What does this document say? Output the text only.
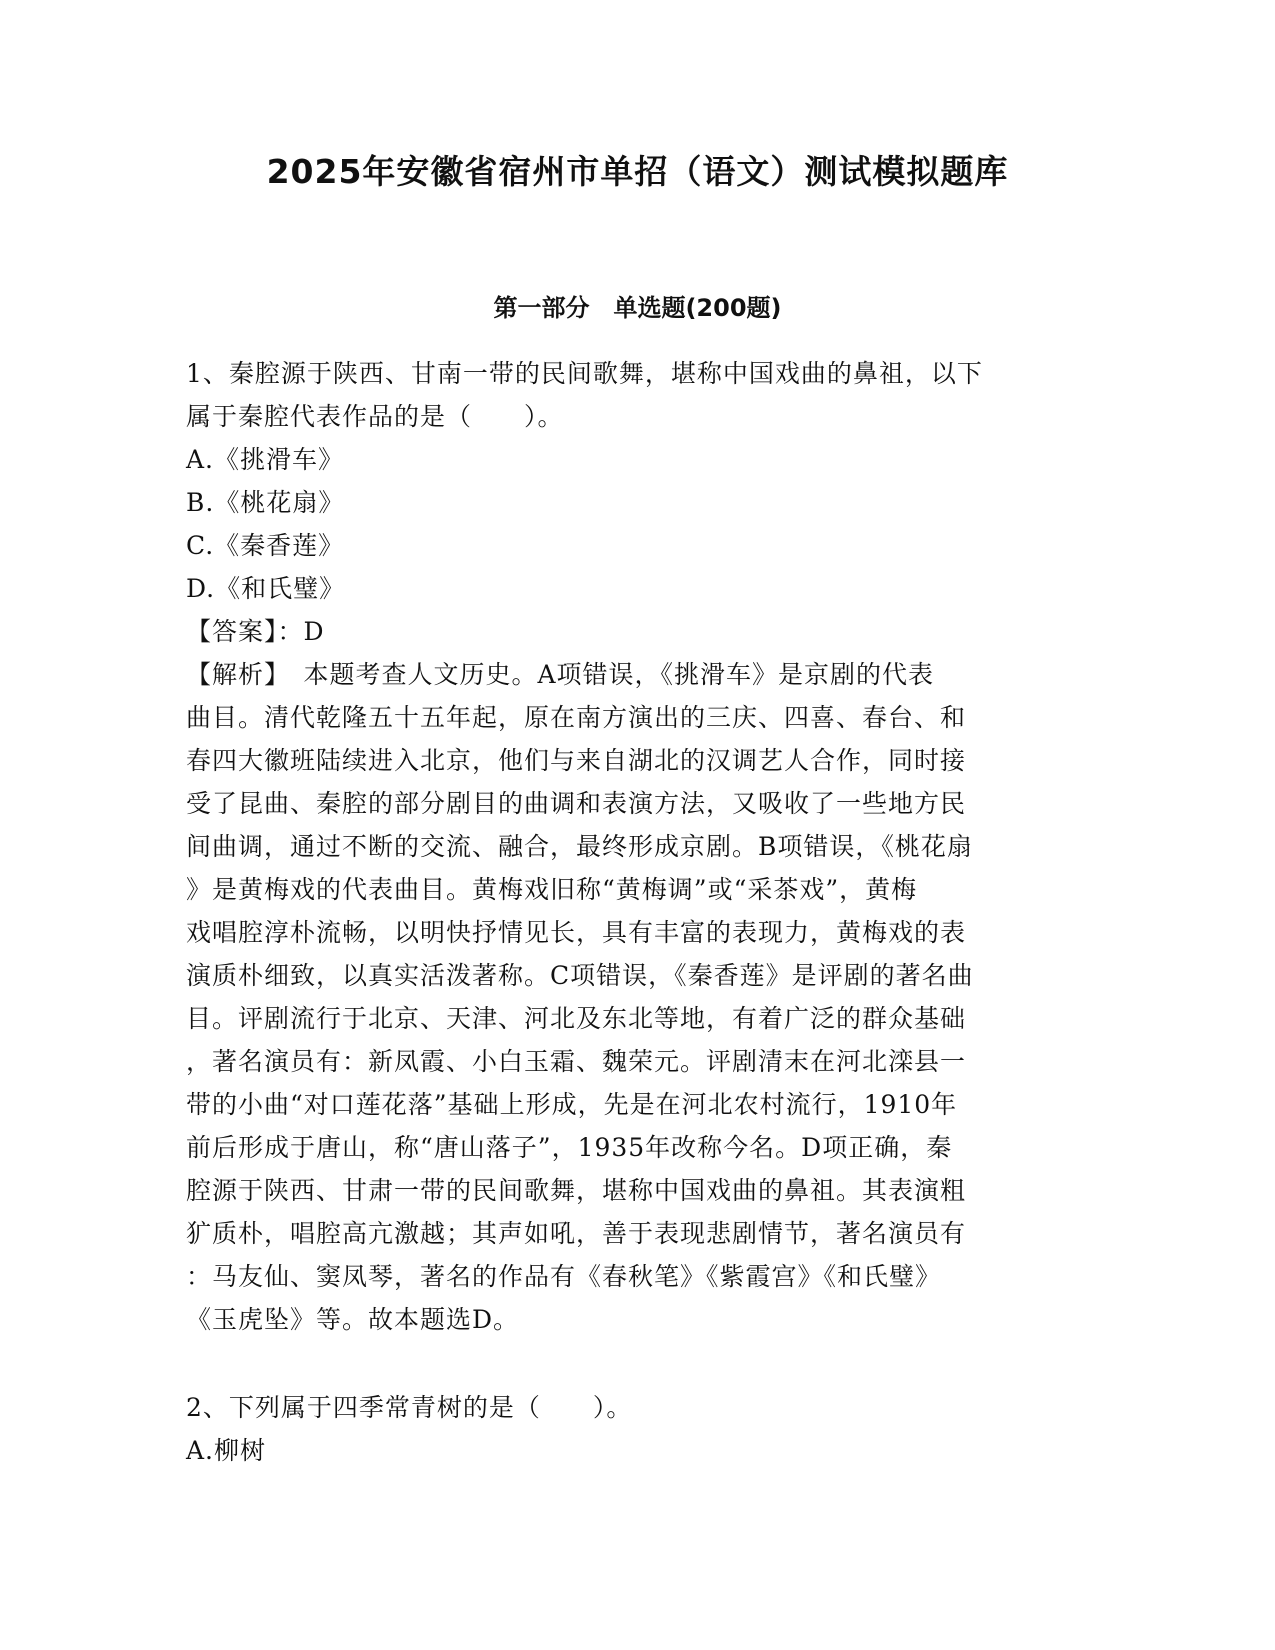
2025年安徽省宿州市单招（语文）测试模拟题库
第一部分　单选题(200题)
1、秦腔源于陕西、甘南一带的民间歌舞，堪称中国戏曲的鼻祖，以下
属于秦腔代表作品的是（　　）。
A.《挑滑车》
B.《桃花扇》
C.《秦香莲》
D.《和氏璧》
【答案】：D
【解析】　本题考查人文历史。A项错误，《挑滑车》是京剧的代表
曲目。清代乾隆五十五年起，原在南方演出的三庆、四喜、春台、和
春四大徽班陆续进入北京，他们与来自湖北的汉调艺人合作，同时接
受了昆曲、秦腔的部分剧目的曲调和表演方法，又吸收了一些地方民
间曲调，通过不断的交流、融合，最终形成京剧。B项错误，《桃花扇
》是黄梅戏的代表曲目。黄梅戏旧称“黄梅调”或“采茶戏”，黄梅
戏唱腔淳朴流畅，以明快抒情见长，具有丰富的表现力，黄梅戏的表
演质朴细致，以真实活泼著称。C项错误，《秦香莲》是评剧的著名曲
目。评剧流行于北京、天津、河北及东北等地，有着广泛的群众基础
，著名演员有：新凤霞、小白玉霜、魏荣元。评剧清末在河北滦县一
带的小曲“对口莲花落”基础上形成，先是在河北农村流行，1910年
前后形成于唐山，称“唐山落子”，1935年改称今名。D项正确，秦
腔源于陕西、甘肃一带的民间歌舞，堪称中国戏曲的鼻祖。其表演粗
犷质朴，唱腔高亢激越；其声如吼，善于表现悲剧情节，著名演员有
：马友仙、窦凤琴，著名的作品有《春秋笔》《紫霞宫》《和氏璧》
《玉虎坠》等。故本题选D。
2、下列属于四季常青树的是（　　）。
A.柳树
